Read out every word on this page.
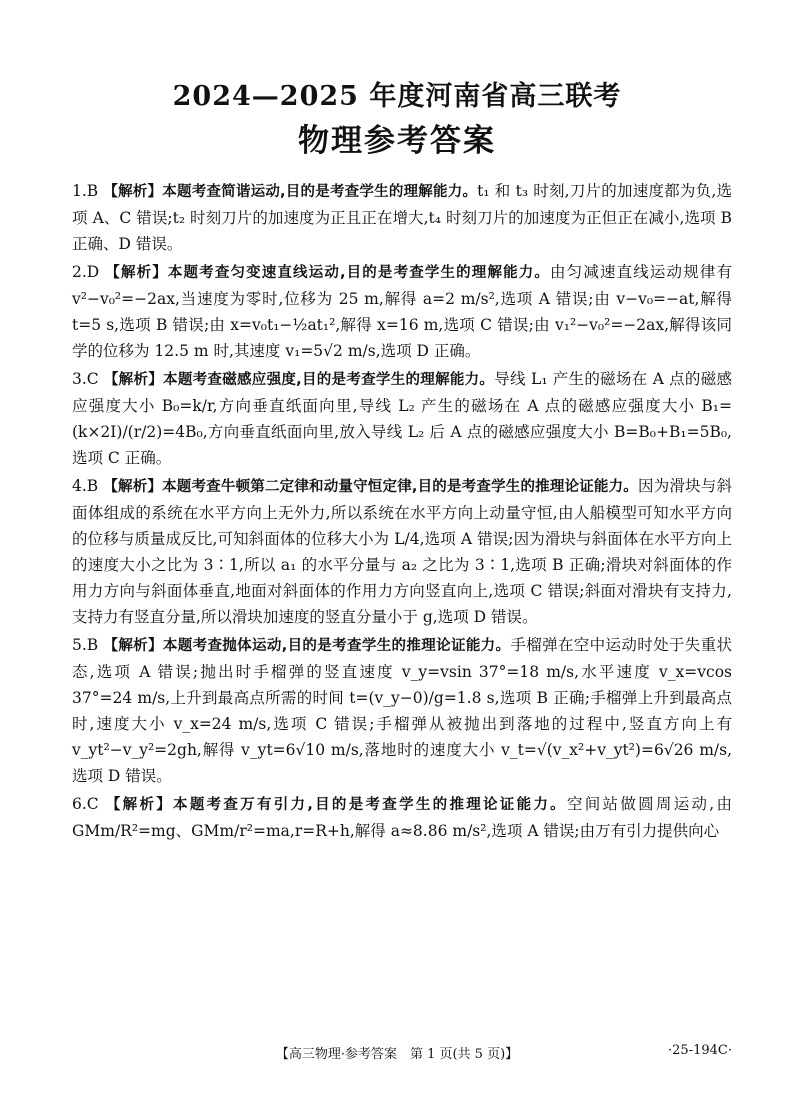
2024—2025 年度河南省高三联考
物理参考答案

1.B 【解析】本题考查简谐运动,目的是考查学生的理解能力。t₁ 和 t₃ 时刻,刀片的加速度都为负,选项 A、C 错误;t₂ 时刻刀片的加速度为正且正在增大,t₄ 时刻刀片的加速度为正但正在减小,选项 B 正确、D 错误。

2.D 【解析】本题考查匀变速直线运动,目的是考查学生的理解能力。由匀减速直线运动规律有 v²−v₀²=−2ax,当速度为零时,位移为 25 m,解得 a=2 m/s²,选项 A 错误;由 v−v₀=−at,解得 t=5 s,选项 B 错误;由 x=v₀t₁−½at₁²,解得 x=16 m,选项 C 错误;由 v₁²−v₀²=−2ax,解得该同学的位移为 12.5 m 时,其速度 v₁=5√2 m/s,选项 D 正确。

3.C 【解析】本题考查磁感应强度,目的是考查学生的理解能力。导线 L₁ 产生的磁场在 A 点的磁感应强度大小 B₀=k/r,方向垂直纸面向里,导线 L₂ 产生的磁场在 A 点的磁感应强度大小 B₁=(k×2I)/(r/2)=4B₀,方向垂直纸面向里,放入导线 L₂ 后 A 点的磁感应强度大小 B=B₀+B₁=5B₀,选项 C 正确。

4.B 【解析】本题考查牛顿第二定律和动量守恒定律,目的是考查学生的推理论证能力。因为滑块与斜面体组成的系统在水平方向上无外力,所以系统在水平方向上动量守恒,由人船模型可知水平方向的位移与质量成反比,可知斜面体的位移大小为 L/4,选项 A 错误;因为滑块与斜面体在水平方向上的速度大小之比为 3∶1,所以 a₁ 的水平分量与 a₂ 之比为 3∶1,选项 B 正确;滑块对斜面体的作用力方向与斜面体垂直,地面对斜面体的作用力方向竖直向上,选项 C 错误;斜面对滑块有支持力,支持力有竖直分量,所以滑块加速度的竖直分量小于 g,选项 D 错误。

5.B 【解析】本题考查抛体运动,目的是考查学生的推理论证能力。手榴弹在空中运动时处于失重状态,选项 A 错误;抛出时手榴弹的竖直速度 v_y=vsin 37°=18 m/s,水平速度 v_x=vcos 37°=24 m/s,上升到最高点所需的时间 t=(v_y−0)/g=1.8 s,选项 B 正确;手榴弹上升到最高点时,速度大小 v_x=24 m/s,选项 C 错误;手榴弹从被抛出到落地的过程中,竖直方向上有 v_yt²−v_y²=2gh,解得 v_yt=6√10 m/s,落地时的速度大小 v_t=√(v_x²+v_yt²)=6√26 m/s,选项 D 错误。

6.C 【解析】本题考查万有引力,目的是考查学生的推理论证能力。空间站做圆周运动,由 GMm/R²=mg、GMm/r²=ma,r=R+h,解得 a≈8.86 m/s²,选项 A 错误;由万有引力提供向心

【高三物理·参考答案　第 1 页(共 5 页)】	·25-194C·
